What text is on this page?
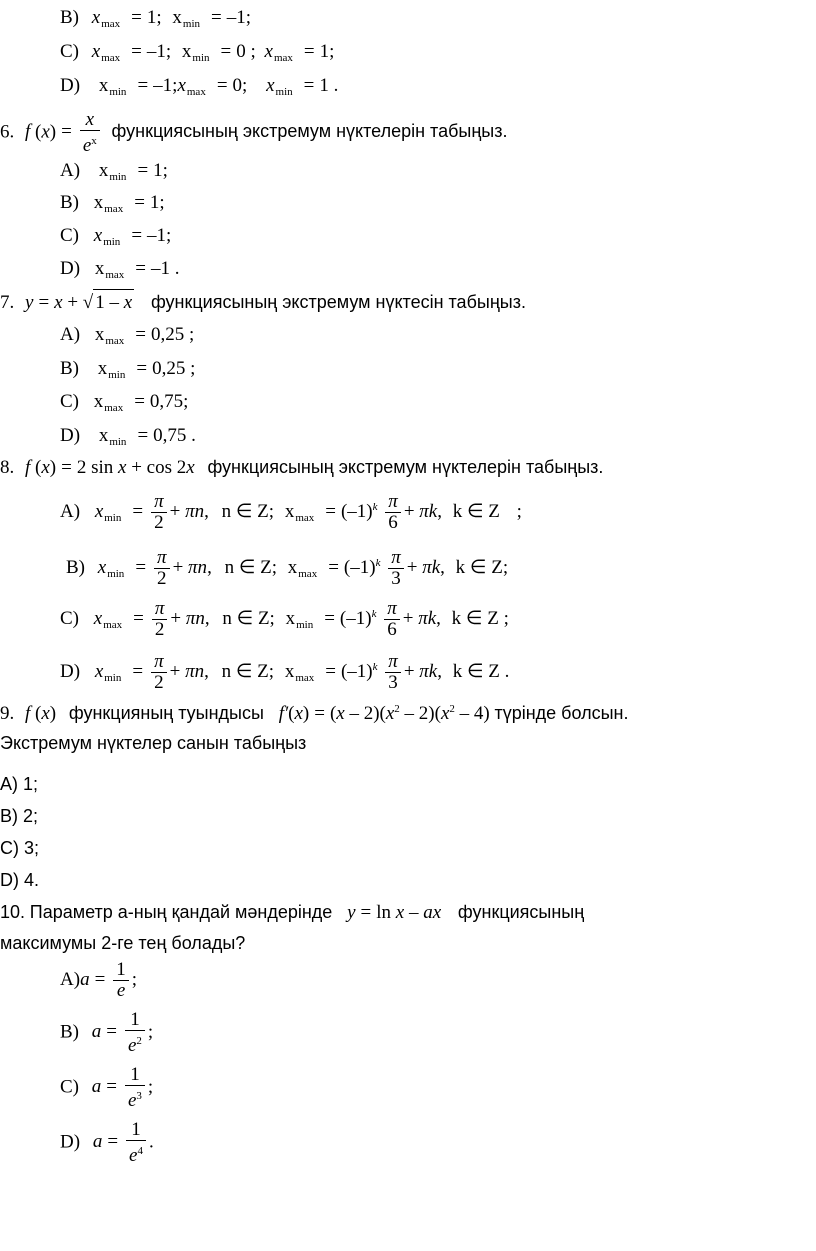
B) $x_{max} = 1$; $x_{min} = -1$;
C) $x_{max} = -1$; $x_{min} = 0$ ; $x_{max} = 1$;
D) $x_{min}$ = $-1;x_{max} = 0$; $x_{min} = 1$ .
6. f $(x) = \frac{x}{e^x}$ функциясының экстремум нүктелерін табыңыз.
A) $x_{min} = 1$;
B) $x_{max} = 1$;
C) $x_{min} = -1$;
D) $x_{max} = -1$ .
7. y = x + √ 1 – x функциясының экстремум нүктесін табыңыз.
A) $x_{max} = 0,25$ ;
B) $x_{min} = 0,25$ ;
C) $x_{max} = 0,75$;
D) $x_{min} = 0,75$ .
8. f (x) = 2 sin x + cos 2x функциясының экстремум нүктелерін табыңыз.
A) $x_{min} = \frac{\pi}{2} + \pi n$, n ∈ Z; $x_{max} = (-1)^k \frac{\pi}{6} + \pi k$, k ∈ Z ;
B) $x_{min} = \frac{\pi}{2} + \pi n$, n ∈ Z; $x_{max} = (-1)^k \frac{\pi}{3} + \pi k$, k ∈ Z;
C) $x_{max} = \frac{\pi}{2} + \pi n$, n ∈ Z; $x_{min} = (-1)^k \frac{\pi}{6} + \pi k$, k ∈ Z ;
D) $x_{min} = \frac{\pi}{2} + \pi n$, n ∈ Z; $x_{max} = (-1)^k \frac{\pi}{3} + \pi k$, k ∈ Z .
9. f (x) функцияның туындысы $f'(x) = (x - 2)(x^2 - 2)(x^2 - 4)$ түрінде болсын.
Экстремум нүктелер санын табыңыз
A) 1;
B) 2;
C) 3;
D) 4.
10. Параметр а-ның қандай мәндерінде y = ln x – ax функциясының
максимумы 2-ге тең болады?
$A)a = \frac{1}{e}$ ;
B) $a = \frac{1}{e^2}$ ;
C) $a = \frac{1}{e^3}$ ;
D) $a = \frac{1}{e^4}$ .
